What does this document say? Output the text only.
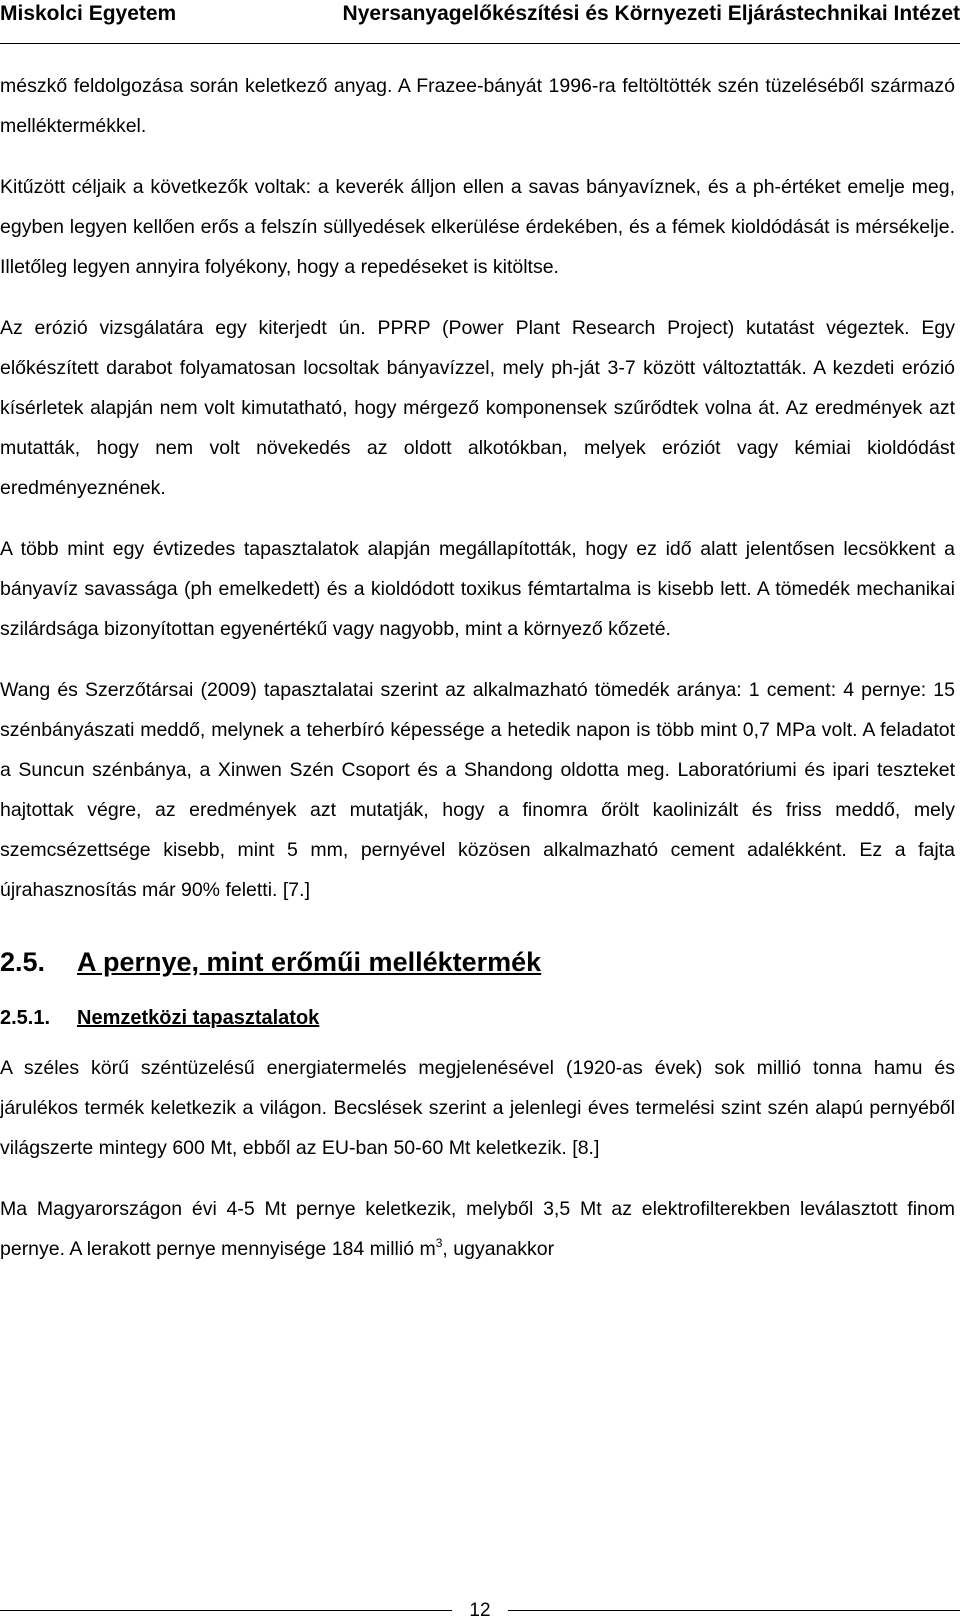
Miskolci Egyetem	Nyersanyagelőkészítési és Környezeti Eljárástechnikai Intézet

mészkő feldolgozása során keletkező anyag. A Frazee-bányát 1996-ra feltöltötték szén tüzeléséből származó melléktermékkel.

Kitűzött céljaik a következők voltak: a keverék álljon ellen a savas bányavíznek, és a ph-értéket emelje meg, egyben legyen kellően erős a felszín süllyedések elkerülése érdekében, és a fémek kioldódását is mérsékelje. Illetőleg legyen annyira folyékony, hogy a repedéseket is kitöltse.

Az erózió vizsgálatára egy kiterjedt ún. PPRP (Power Plant Research Project) kutatást végeztek. Egy előkészített darabot folyamatosan locsoltak bányavízzel, mely ph-ját 3-7 között változtatták. A kezdeti erózió kísérletek alapján nem volt kimutatható, hogy mérgező komponensek szűrődtek volna át. Az eredmények azt mutatták, hogy nem volt növekedés az oldott alkotókban, melyek eróziót vagy kémiai kioldódást eredményeznének.

A több mint egy évtizedes tapasztalatok alapján megállapították, hogy ez idő alatt jelentősen lecsökkent a bányavíz savassága (ph emelkedett) és a kioldódott toxikus fémtartalma is kisebb lett. A tömedék mechanikai szilárdsága bizonyítottan egyenértékű vagy nagyobb, mint a környező kőzeté.

Wang és Szerzőtársai (2009) tapasztalatai szerint az alkalmazható tömedék aránya: 1 cement: 4 pernye: 15 szénbányászati meddő, melynek a teherbíró képessége a hetedik napon is több mint 0,7 MPa volt. A feladatot a Suncun szénbánya, a Xinwen Szén Csoport és a Shandong oldotta meg. Laboratóriumi és ipari teszteket hajtottak végre, az eredmények azt mutatják, hogy a finomra őrölt kaolinizált és friss meddő, mely szemcsézettsége kisebb, mint 5 mm, pernyével közösen alkalmazható cement adalékként. Ez a fajta újrahasznosítás már 90% feletti. [7.]

2.5.	A pernye, mint erőműi melléktermék
2.5.1.	Nemzetközi tapasztalatok

A széles körű széntüzelésű energiatermelés megjelenésével (1920-as évek) sok millió tonna hamu és járulékos termék keletkezik a világon. Becslések szerint a jelenlegi éves termelési szint szén alapú pernyéből világszerte mintegy 600 Mt, ebből az EU-ban 50-60 Mt keletkezik. [8.]

Ma Magyarországon évi 4-5 Mt pernye keletkezik, melyből 3,5 Mt az elektrofilterekben leválasztott finom pernye. A lerakott pernye mennyisége 184 millió $m^3$, ugyanakkor

12
